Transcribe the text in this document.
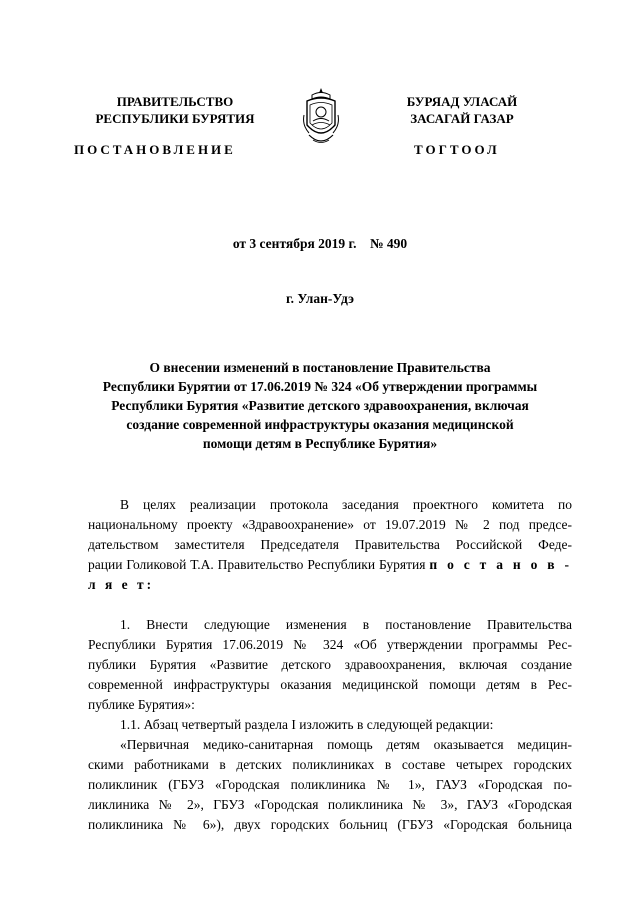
ПРАВИТЕЛЬСТВО
РЕСПУБЛИКИ БУРЯТИЯ
БУРЯАД УЛАСАЙ
ЗАСАГАЙ ГАЗАР
ПОСТАНОВЛЕНИЕ	ТОГТООЛ
от 3 сентября 2019 г.    № 490
г. Улан-Удэ
О внесении изменений в постановление Правительства
Республики Бурятии от 17.06.2019 № 324 «Об утверждении программы
Республики Бурятия «Развитие детского здравоохранения, включая
создание современной инфраструктуры оказания медицинской
помощи детям в Республике Бурятия»
В целях реализации протокола заседания проектного комитета по
национальному проекту «Здравоохранение» от 19.07.2019 № 2 под предсе-
дательством заместителя Председателя Правительства Российской Феде-
рации Голиковой Т.А. Правительство Республики Бурятия п о с т а н о в -
л я е т:
1. Внести следующие изменения в постановление Правительства
Республики Бурятия 17.06.2019 № 324 «Об утверждении программы Рес-
публики Бурятия «Развитие детского здравоохранения, включая создание
современной инфраструктуры оказания медицинской помощи детям в Рес-
публике Бурятия»:
1.1. Абзац четвертый раздела I изложить в следующей редакции:
«Первичная медико-санитарная помощь детям оказывается медицин-
скими работниками в детских поликлиниках в составе четырех городских
поликлиник (ГБУЗ «Городская поликлиника № 1», ГАУЗ «Городская по-
ликлиника № 2», ГБУЗ «Городская поликлиника № 3», ГАУЗ «Городская
поликлиника № 6»), двух городских больниц (ГБУЗ «Городская больница
